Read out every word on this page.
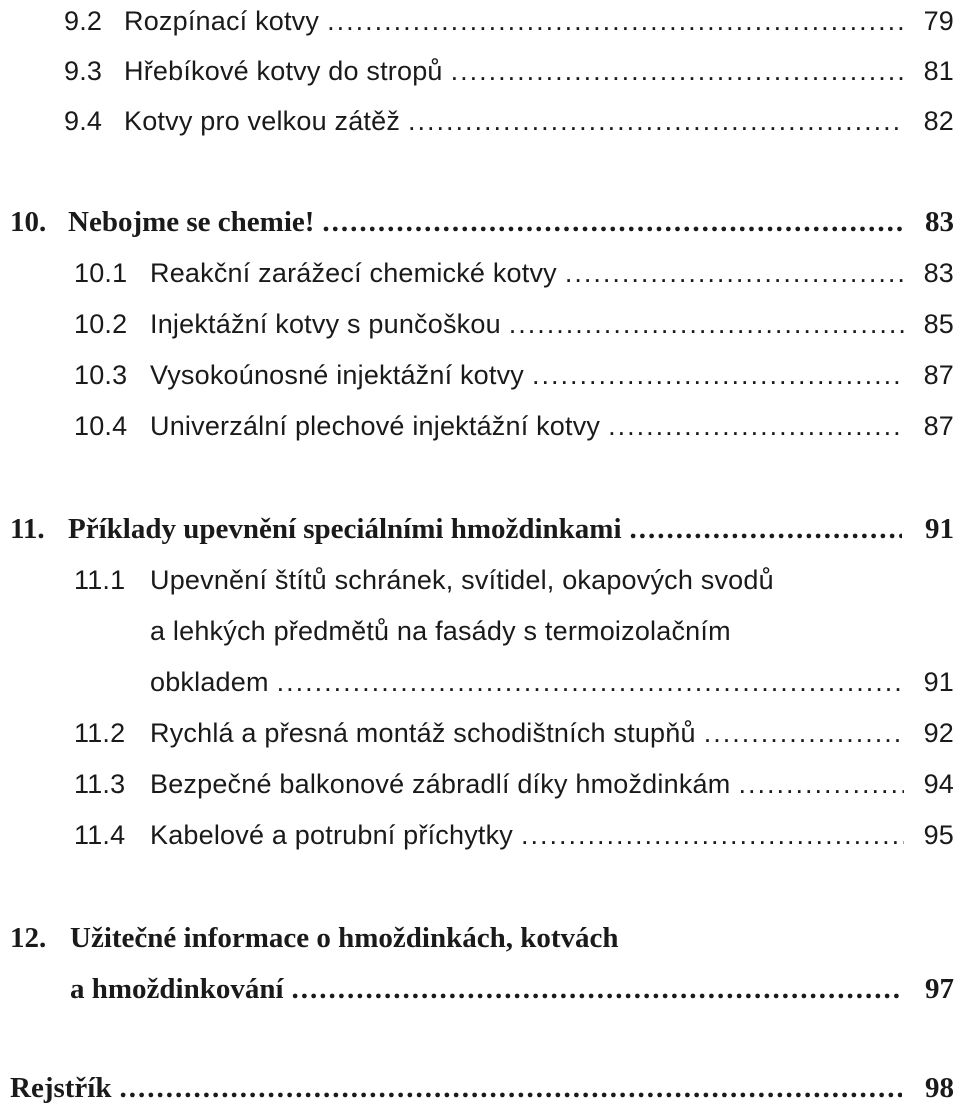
9.2 Rozpínací kotvy .....	79
9.3 Hřebíkové kotvy do stropů .....	81
9.4 Kotvy pro velkou zátěž .....	82
10. Nebojme se chemie! .....	83
10.1 Reakční zarážecí chemické kotvy .....	83
10.2 Injektážní kotvy s punčoškou .....	85
10.3 Vysokoúnosné injektážní kotvy .....	87
10.4 Univerzální plechové injektážní kotvy .....	87
11. Příklady upevnění speciálními hmoždinkami .....	91
11.1 Upevnění štítů schránek, svítidel, okapových svodů
a lehkých předmětů na fasády s termoizolačním
obkladem .....	91
11.2 Rychlá a přesná montáž schodištních stupňů .....	92
11.3 Bezpečné balkonové zábradlí díky hmoždinkám .....	94
11.4 Kabelové a potrubní příchytky .....	95
12. Užitečné informace o hmoždinkách, kotvách
a hmoždinkování .....	97
Rejstřík .....	98
